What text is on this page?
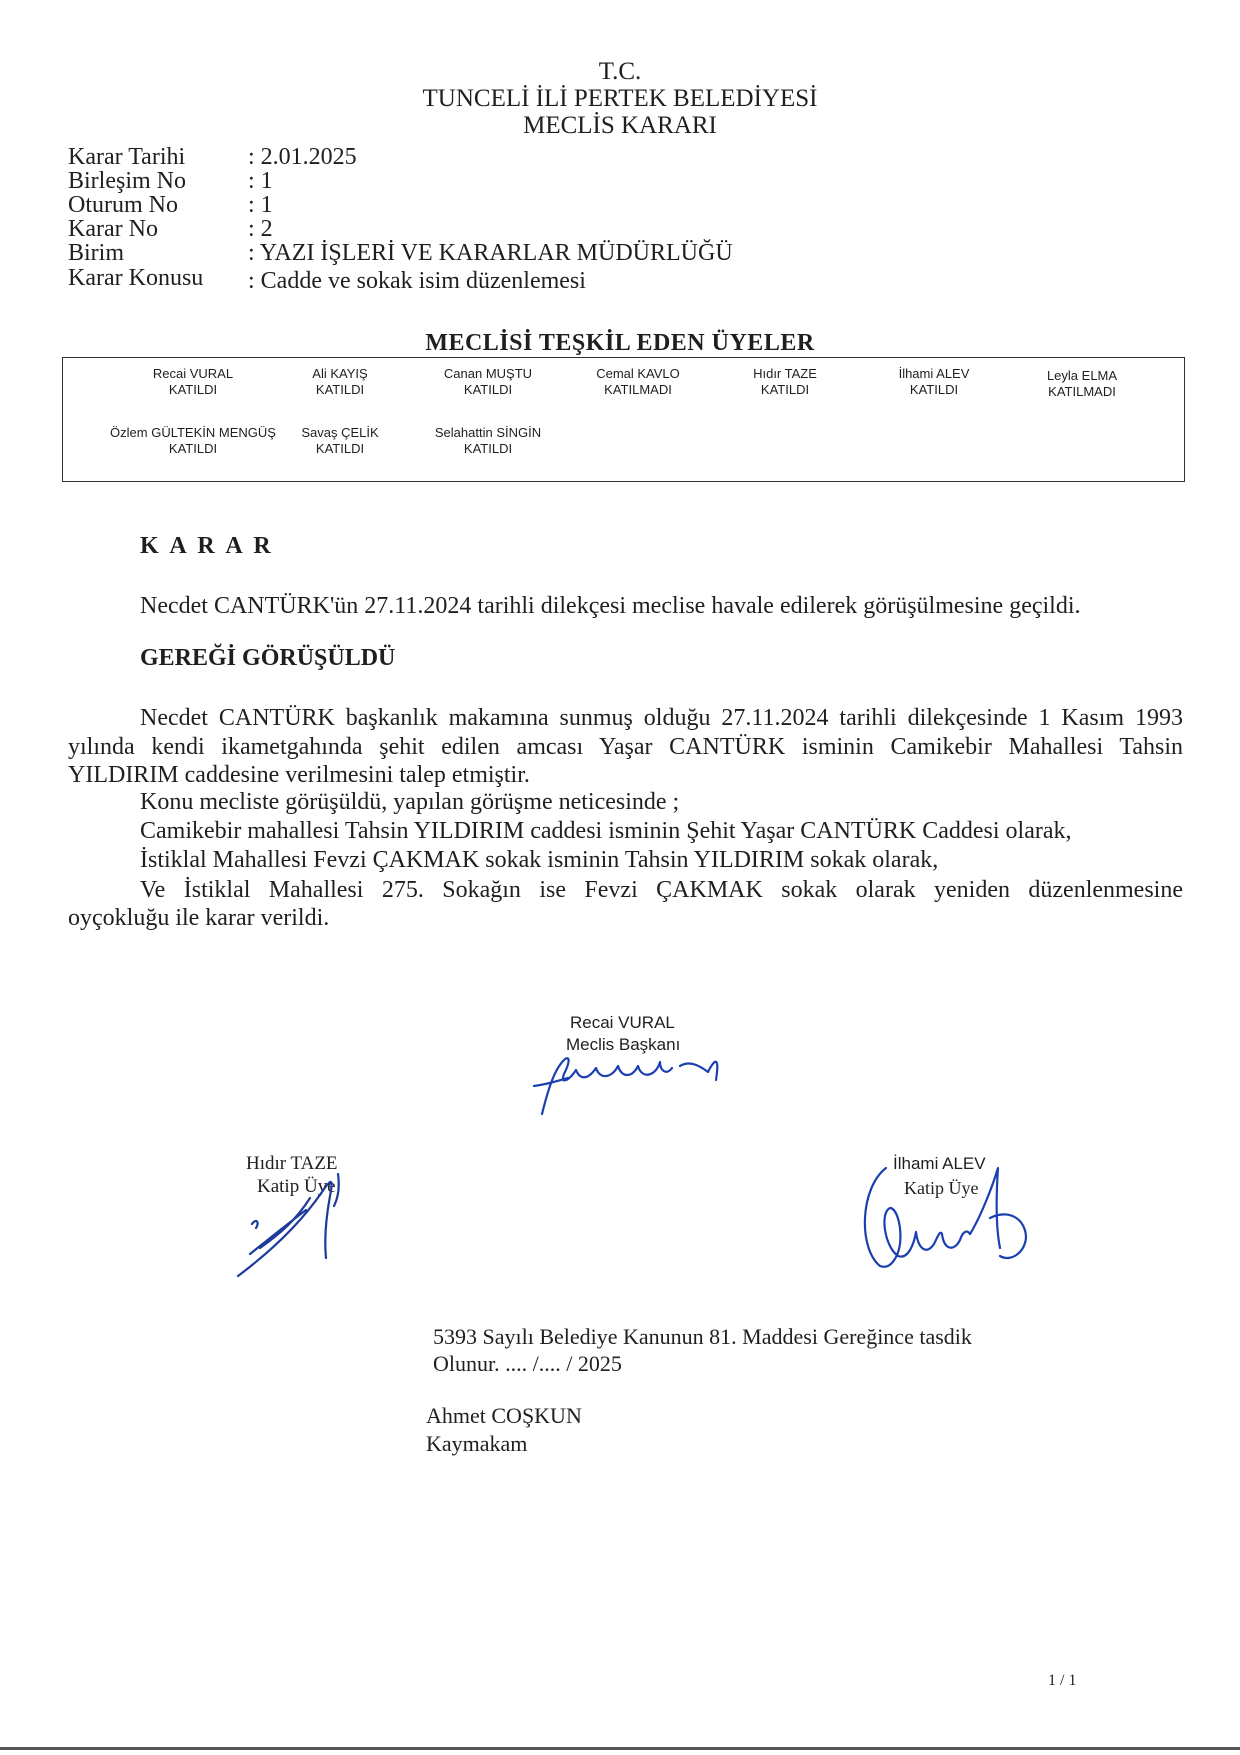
T.C.
TUNCELİ İLİ PERTEK BELEDİYESİ
MECLİS KARARI
Karar Tarihi	: 2.01.2025
Birleşim No	: 1
Oturum No	: 1
Karar No	: 2
Birim	: YAZI İŞLERİ VE KARARLAR MÜDÜRLÜĞÜ
Karar Konusu : Cadde ve sokak isim düzenlemesi
MECLİSİ TEŞKİL EDEN ÜYELER
Recai VURAL
KATILDI
Ali KAYIŞ
KATILDI
Canan MUŞTU
KATILDI
Cemal KAVLO
KATILMADI
Hıdır TAZE
KATILDI
İlhami ALEV
KATILDI
Leyla ELMA
KATILMADI
Özlem GÜLTEKİN MENGÜŞ
KATILDI
Savaş ÇELİK
KATILDI
Selahattin SİNGİN
KATILDI
K A R A R
Necdet CANTÜRK'ün 27.11.2024 tarihli dilekçesi meclise havale edilerek görüşülmesine geçildi.
GEREĞİ GÖRÜŞÜLDÜ
Necdet CANTÜRK başkanlık makamına sunmuş olduğu 27.11.2024 tarihli dilekçesinde 1 Kasım 1993
yılında kendi ikametgahında şehit edilen amcası Yaşar CANTÜRK isminin Camikebir Mahallesi Tahsin
YILDIRIM caddesine verilmesini talep etmiştir.
Konu mecliste görüşüldü, yapılan görüşme neticesinde ;
Camikebir mahallesi Tahsin YILDIRIM caddesi isminin Şehit Yaşar CANTÜRK Caddesi olarak,
İstiklal Mahallesi Fevzi ÇAKMAK sokak isminin Tahsin YILDIRIM sokak olarak,
Ve İstiklal Mahallesi 275. Sokağın ise Fevzi ÇAKMAK sokak olarak yeniden düzenlenmesine
oyçokluğu ile karar verildi.
Recai VURAL
Meclis Başkanı
Hıdır TAZE
Katip Üye
İlhami ALEV
Katip Üye
5393 Sayılı Belediye Kanunun 81. Maddesi Gereğince tasdik
Olunur. .... /.... / 2025
Ahmet COŞKUN
Kaymakam
1 / 1
